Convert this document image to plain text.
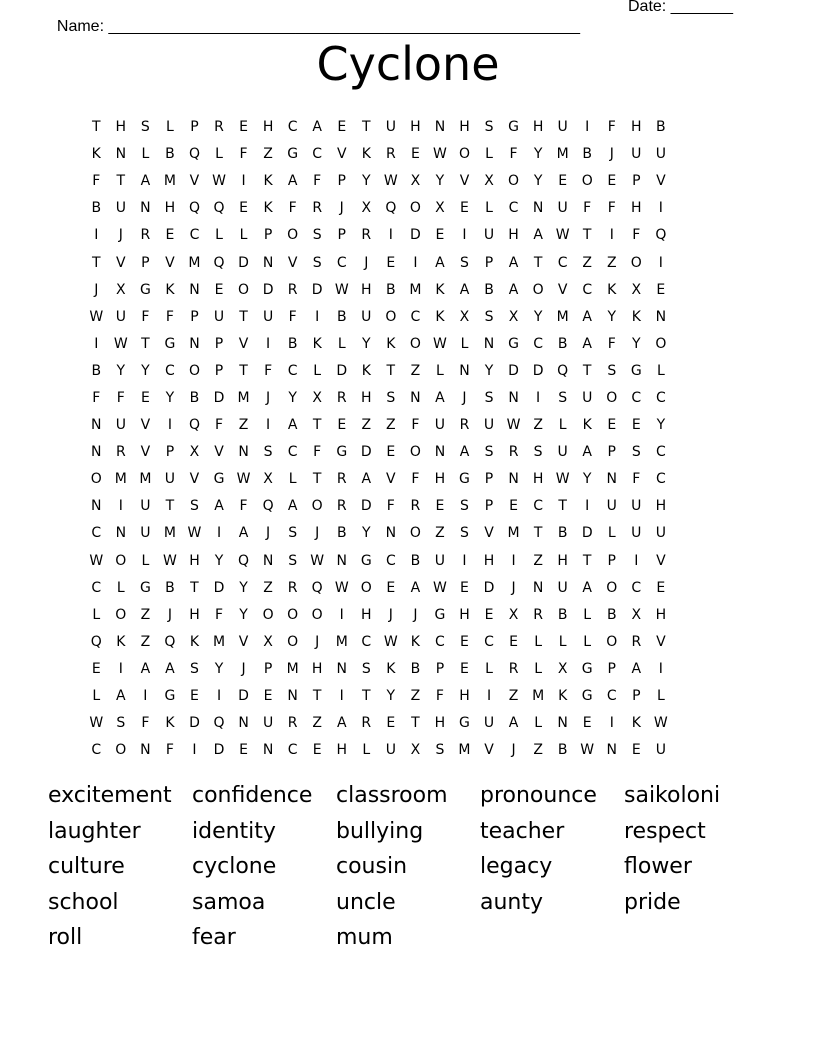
Name: _____________________________________________________

Date: _______

Cyclone
T	H	S	L	P	R	E	H	C	A	E	T	U	H	N	H	S	G H	U	I	F	H	B
K	N	L	B	Q	L	F	Z	G	C	V	K	R	E W O	L	F	Y	M B	J	U	U
F	T	A M V W	I	K	A	F	P	Y W X	Y	V	X	O	Y	E	O	E	P	V
B	U	N	H Q Q	E	K	F	R	J	X	Q O	X	E	L	C	N	U	F	F	H	I
I	J	R	E	C	L	L	P	O	S	P	R	I	D	E	I	U	H	A W T	I	F	Q
T	V	P	V M Q D N	V	S	C	J	E	I	A	S	P	A	T	C	Z	Z	O	I
J	X	G	K	N	E	O D	R	D W H	B M K	A	B	A	O	V	C	K	X	E
W U	F	F	P	U	T	U	F	I	B	U O	C	K	X	S	X	Y	M A	Y	K	N
I	W T	G N	P	V	I	B	K	L	Y	K	O W L	N G	C	B	A	F	Y	O
B	Y	Y	C	O	P	T	F	C	L	D	K	T	Z	L	N	Y	D D Q	T	S	G	L
F	F	E	Y	B	D M	J	Y	X	R	H	S	N	A	J	S	N	I	S	U O	C	C
N	U	V	I	Q	F	Z	I	A	T	E	Z	Z	F	U	R	U W Z	L	K	E	E	Y
N	R	V	P	X	V	N	S	C	F	G D	E	O N	A	S	R	S	U	A	P	S	C
O M M U	V	G W X	L	T	R	A	V	F	H G	P	N	H W Y	N	F	C
N	I	U	T	S	A	F	Q	A	O	R	D	F	R	E	S	P	E	C	T	I	U	U	H
C	N	U M W	I	A	J	S	J	B	Y	N O	Z	S	V M	T	B	D	L	U	U
W O	L W H	Y	Q N	S W N G	C	B	U	I	H	I	Z	H	T	P	I	V
C	L	G	B	T	D	Y	Z	R	Q W O	E	A W E	D	J	N	U	A	O	C	E
L	O	Z	J	H	F	Y	O O O	I	H	J	J	G H	E	X	R	B	L	B	X	H
Q	K	Z	Q	K M V	X	O	J	M C W K	C	E	C	E	L	L	L	O	R	V
E	I	A	A	S	Y	J	P	M H	N	S	K	B	P	E	L	R	L	X	G	P	A	I
L	A	I	G	E	I	D	E	N	T	I	T	Y	Z	F	H	I	Z M K	G	C	P	L
W S	F	K	D Q N	U	R	Z	A	R	E	T	H G U	A	L	N	E	I	K W
C	O N	F	I	D	E	N	C	E	H	L	U	X	S	M V	J	Z	B W N	E	U
excitement confidence	classroom	pronounce	saikoloni
laughter	identity	bullying	teacher	respect
culture	cyclone	cousin	legacy	flower
school	samoa	uncle	aunty	pride
roll	fear	mum
